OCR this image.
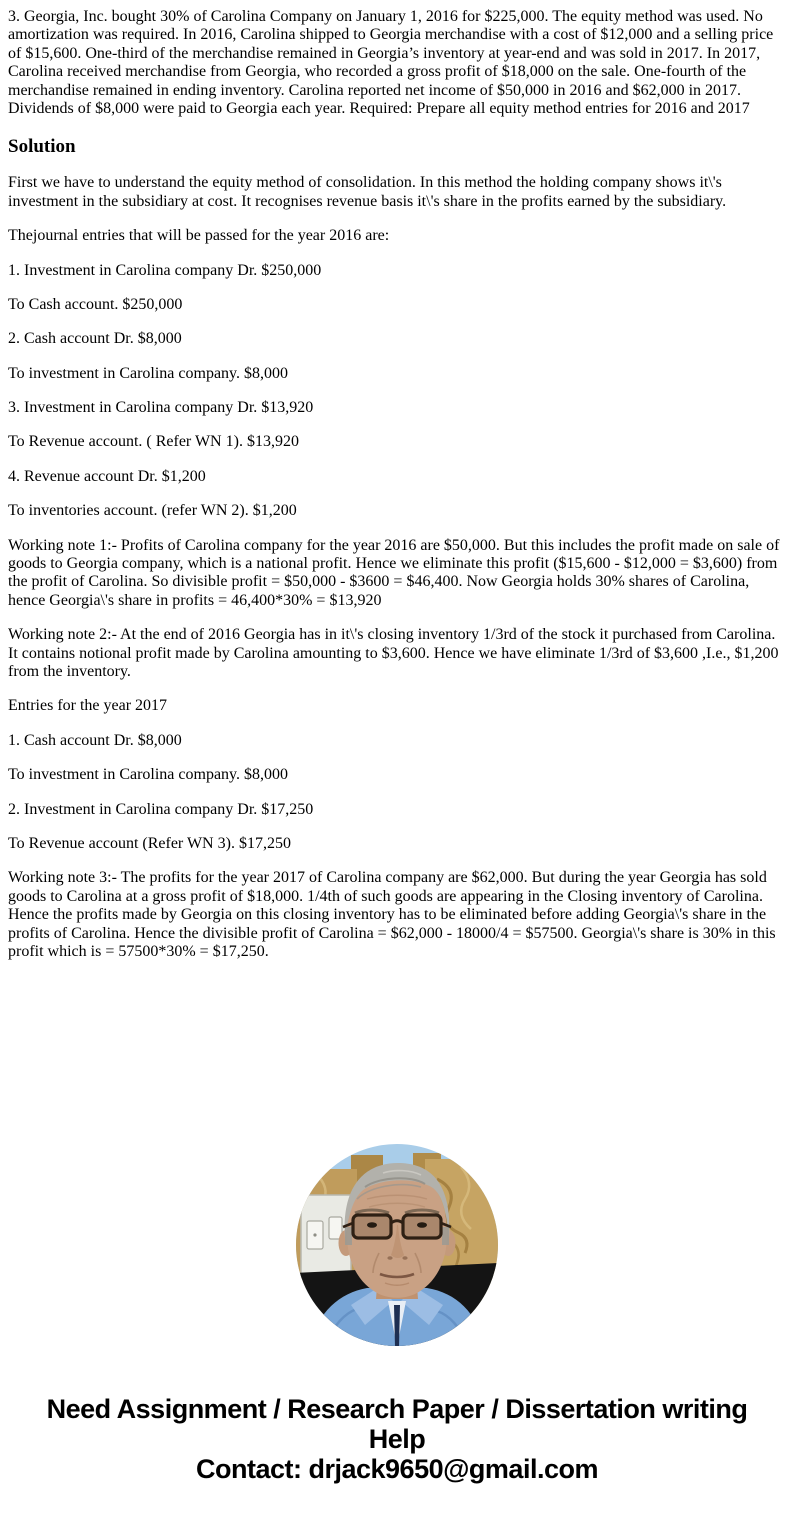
3. Georgia, Inc. bought 30% of Carolina Company on January 1, 2016 for $225,000. The equity method was used. No amortization was required. In 2016, Carolina shipped to Georgia merchandise with a cost of $12,000 and a selling price of $15,600. One-third of the merchandise remained in Georgia’s inventory at year-end and was sold in 2017. In 2017, Carolina received merchandise from Georgia, who recorded a gross profit of $18,000 on the sale. One-fourth of the merchandise remained in ending inventory. Carolina reported net income of $50,000 in 2016 and $62,000 in 2017. Dividends of $8,000 were paid to Georgia each year. Required: Prepare all equity method entries for 2016 and 2017

Solution

First we have to understand the equity method of consolidation. In this method the holding company shows it\'s investment in the subsidiary at cost. It recognises revenue basis it\'s share in the profits earned by the subsidiary.

Thejournal entries that will be passed for the year 2016 are:

1. Investment in Carolina company Dr. $250,000

To Cash account. $250,000

2. Cash account Dr. $8,000

To investment in Carolina company. $8,000

3. Investment in Carolina company Dr. $13,920

To Revenue account. ( Refer WN 1). $13,920

4. Revenue account Dr. $1,200

To inventories account. (refer WN 2). $1,200

Working note 1:- Profits of Carolina company for the year 2016 are $50,000. But this includes the profit made on sale of goods to Georgia company, which is a national profit. Hence we eliminate this profit ($15,600 - $12,000 = $3,600) from the profit of Carolina. So divisible profit = $50,000 - $3600 = $46,400. Now Georgia holds 30% shares of Carolina, hence Georgia\'s share in profits = 46,400*30% = $13,920

Working note 2:- At the end of 2016 Georgia has in it\'s closing inventory 1/3rd of the stock it purchased from Carolina. It contains notional profit made by Carolina amounting to $3,600. Hence we have eliminate 1/3rd of $3,600 ,I.e., $1,200 from the inventory.

Entries for the year 2017

1. Cash account Dr. $8,000

To investment in Carolina company. $8,000

2. Investment in Carolina company Dr. $17,250

To Revenue account (Refer WN 3). $17,250

Working note 3:- The profits for the year 2017 of Carolina company are $62,000. But during the year Georgia has sold goods to Carolina at a gross profit of $18,000. 1/4th of such goods are appearing in the Closing inventory of Carolina. Hence the profits made by Georgia on this closing inventory has to be eliminated before adding Georgia\'s share in the profits of Carolina. Hence the divisible profit of Carolina = $62,000 - 18000/4 = $57500. Georgia\'s share is 30% in this profit which is = 57500*30% = $17,250.

Need Assignment / Research Paper / Dissertation writing Help
Contact: drjack9650@gmail.com
